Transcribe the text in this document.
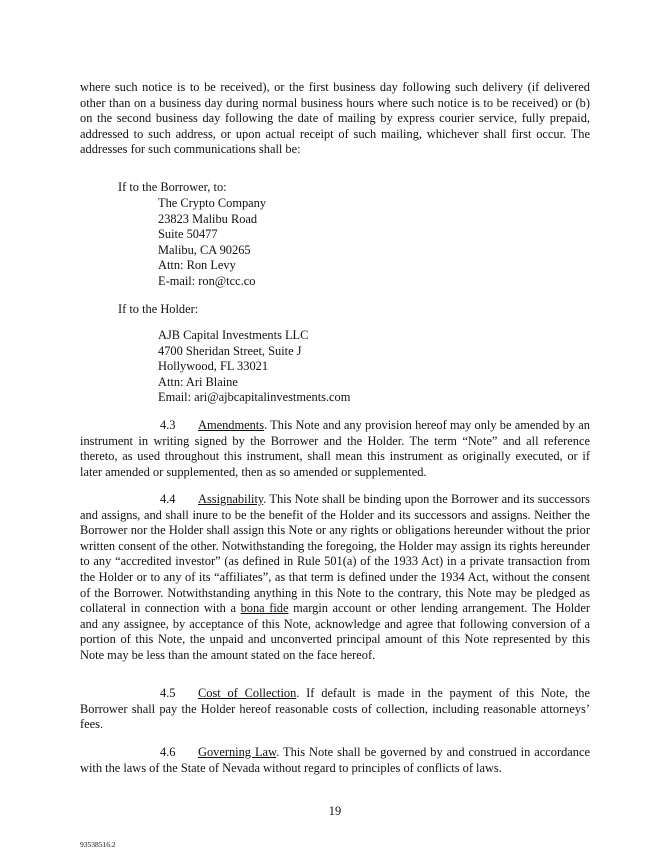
where such notice is to be received), or the first business day following such delivery (if delivered other than on a business day during normal business hours where such notice is to be received) or (b) on the second business day following the date of mailing by express courier service, fully prepaid, addressed to such address, or upon actual receipt of such mailing, whichever shall first occur. The addresses for such communications shall be:

If to the Borrower, to:

The Crypto Company
23823 Malibu Road
Suite 50477
Malibu, CA 90265
Attn: Ron Levy
E-mail: ron@tcc.co

If to the Holder:

AJB Capital Investments LLC
4700 Sheridan Street, Suite J
Hollywood, FL 33021
Attn: Ari Blaine
Email: ari@ajbcapitalinvestments.com

4.3 Amendments. This Note and any provision hereof may only be amended by an instrument in writing signed by the Borrower and the Holder. The term “Note” and all reference thereto, as used throughout this instrument, shall mean this instrument as originally executed, or if later amended or supplemented, then as so amended or supplemented.

4.4 Assignability. This Note shall be binding upon the Borrower and its successors and assigns, and shall inure to be the benefit of the Holder and its successors and assigns. Neither the Borrower nor the Holder shall assign this Note or any rights or obligations hereunder without the prior written consent of the other. Notwithstanding the foregoing, the Holder may assign its rights hereunder to any “accredited investor” (as defined in Rule 501(a) of the 1933 Act) in a private transaction from the Holder or to any of its “affiliates”, as that term is defined under the 1934 Act, without the consent of the Borrower. Notwithstanding anything in this Note to the contrary, this Note may be pledged as collateral in connection with a bona fide margin account or other lending arrangement. The Holder and any assignee, by acceptance of this Note, acknowledge and agree that following conversion of a portion of this Note, the unpaid and unconverted principal amount of this Note represented by this Note may be less than the amount stated on the face hereof.

4.5 Cost of Collection. If default is made in the payment of this Note, the Borrower shall pay the Holder hereof reasonable costs of collection, including reasonable attorneys’ fees.

4.6 Governing Law. This Note shall be governed by and construed in accordance with the laws of the State of Nevada without regard to principles of conflicts of laws.

19

93538516.2
